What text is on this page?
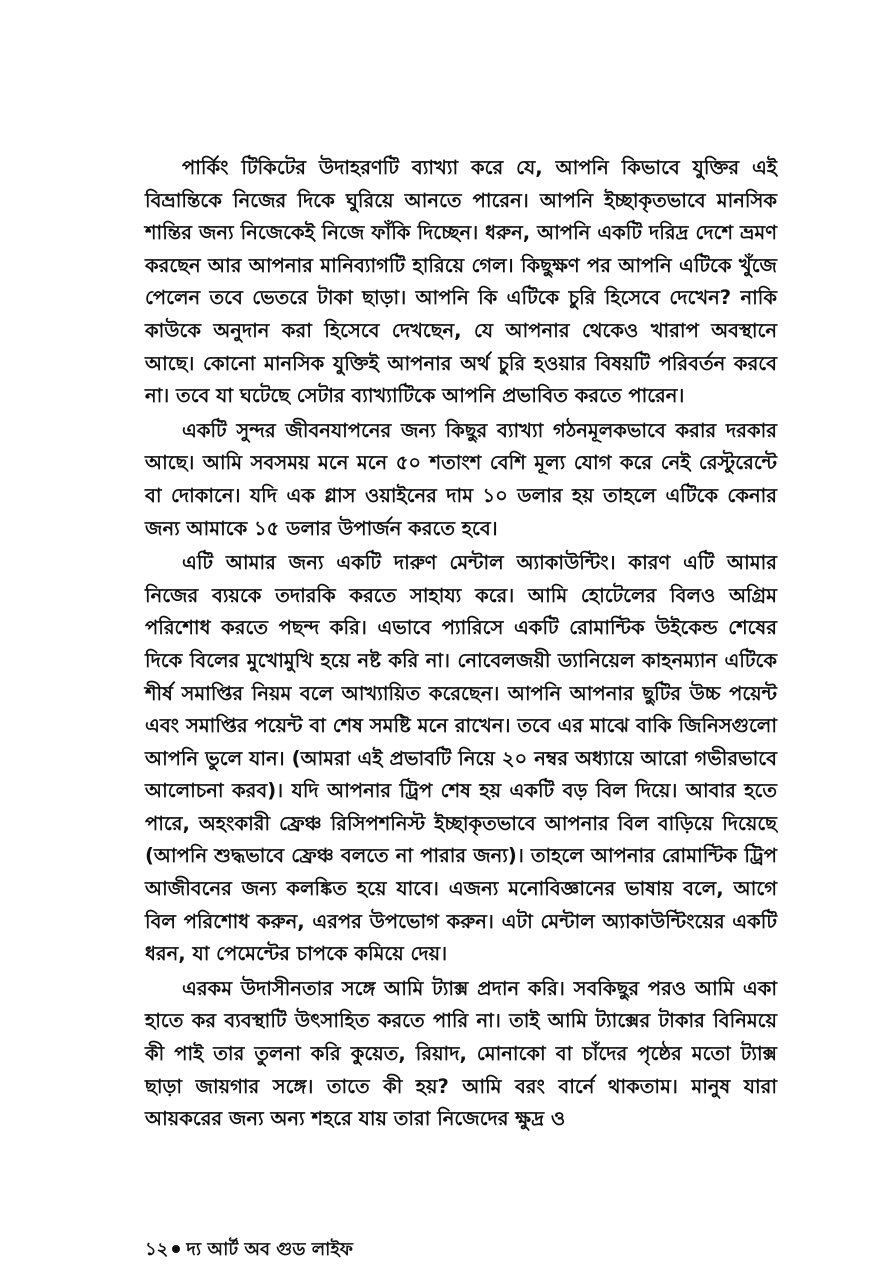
পার্কিং টিকিটের উদাহরণটি ব্যাখ্যা করে যে, আপনি কিভাবে যুক্তির এই বিভ্রান্তিকে নিজের দিকে ঘুরিয়ে আনতে পারেন। আপনি ইচ্ছাকৃতভাবে মানসিক শান্তির জন্য নিজেকেই নিজে ফাঁকি দিচ্ছেন। ধরুন, আপনি একটি দরিদ্র দেশে ভ্রমণ করছেন আর আপনার মানিব্যাগটি হারিয়ে গেল। কিছুক্ষণ পর আপনি এটিকে খুঁজে পেলেন তবে ভেতরে টাকা ছাড়া। আপনি কি এটিকে চুরি হিসেবে দেখেন? নাকি কাউকে অনুদান করা হিসেবে দেখছেন, যে আপনার থেকেও খারাপ অবস্থানে আছে। কোনো মানসিক যুক্তিই আপনার অর্থ চুরি হওয়ার বিষয়টি পরিবর্তন করবে না। তবে যা ঘটেছে সেটার ব্যাখ্যাটিকে আপনি প্রভাবিত করতে পারেন।

একটি সুন্দর জীবনযাপনের জন্য কিছুর ব্যাখ্যা গঠনমূলকভাবে করার দরকার আছে। আমি সবসময় মনে মনে ৫০ শতাংশ বেশি মূল্য যোগ করে নেই রেস্টুরেন্টে বা দোকানে। যদি এক গ্লাস ওয়াইনের দাম ১০ ডলার হয় তাহলে এটিকে কেনার জন্য আমাকে ১৫ ডলার উপার্জন করতে হবে।

এটি আমার জন্য একটি দারুণ মেন্টাল অ্যাকাউন্টিং। কারণ এটি আমার নিজের ব্যয়কে তদারকি করতে সাহায্য করে। আমি হোটেলের বিলও অগ্রিম পরিশোধ করতে পছন্দ করি। এভাবে প্যারিসে একটি রোমান্টিক উইকেন্ড শেষের দিকে বিলের মুখোমুখি হয়ে নষ্ট করি না। নোবেলজয়ী ড্যানিয়েল কাহনম্যান এটিকে শীর্ষ সমাপ্তির নিয়ম বলে আখ্যায়িত করেছেন। আপনি আপনার ছুটির উচ্চ পয়েন্ট এবং সমাপ্তির পয়েন্ট বা শেষ সমষ্টি মনে রাখেন। তবে এর মাঝে বাকি জিনিসগুলো আপনি ভুলে যান। (আমরা এই প্রভাবটি নিয়ে ২০ নম্বর অধ্যায়ে আরো গভীরভাবে আলোচনা করব)। যদি আপনার ট্রিপ শেষ হয় একটি বড় বিল দিয়ে। আবার হতে পারে, অহংকারী ফ্রেঞ্চ রিসিপশনিস্ট ইচ্ছাকৃতভাবে আপনার বিল বাড়িয়ে দিয়েছে (আপনি শুদ্ধভাবে ফ্রেঞ্চ বলতে না পারার জন্য)। তাহলে আপনার রোমান্টিক ট্রিপ আজীবনের জন্য কলঙ্কিত হয়ে যাবে। এজন্য মনোবিজ্ঞানের ভাষায় বলে, আগে বিল পরিশোধ করুন, এরপর উপভোগ করুন। এটা মেন্টাল অ্যাকাউন্টিংয়ের একটি ধরন, যা পেমেন্টের চাপকে কমিয়ে দেয়।

এরকম উদাসীনতার সঙ্গে আমি ট্যাক্স প্রদান করি। সবকিছুর পরও আমি একা হাতে কর ব্যবস্থাটি উৎসাহিত করতে পারি না। তাই আমি ট্যাক্সের টাকার বিনিময়ে কী পাই তার তুলনা করি কুয়েত, রিয়াদ, মোনাকো বা চাঁদের পৃষ্ঠের মতো ট্যাক্স ছাড়া জায়গার সঙ্গে। তাতে কী হয়? আমি বরং বার্নে থাকতাম। মানুষ যারা আয়করের জন্য অন্য শহরে যায় তারা নিজেদের ক্ষুদ্র ও

১২ দ্য আর্ট অব গুড লাইফ
